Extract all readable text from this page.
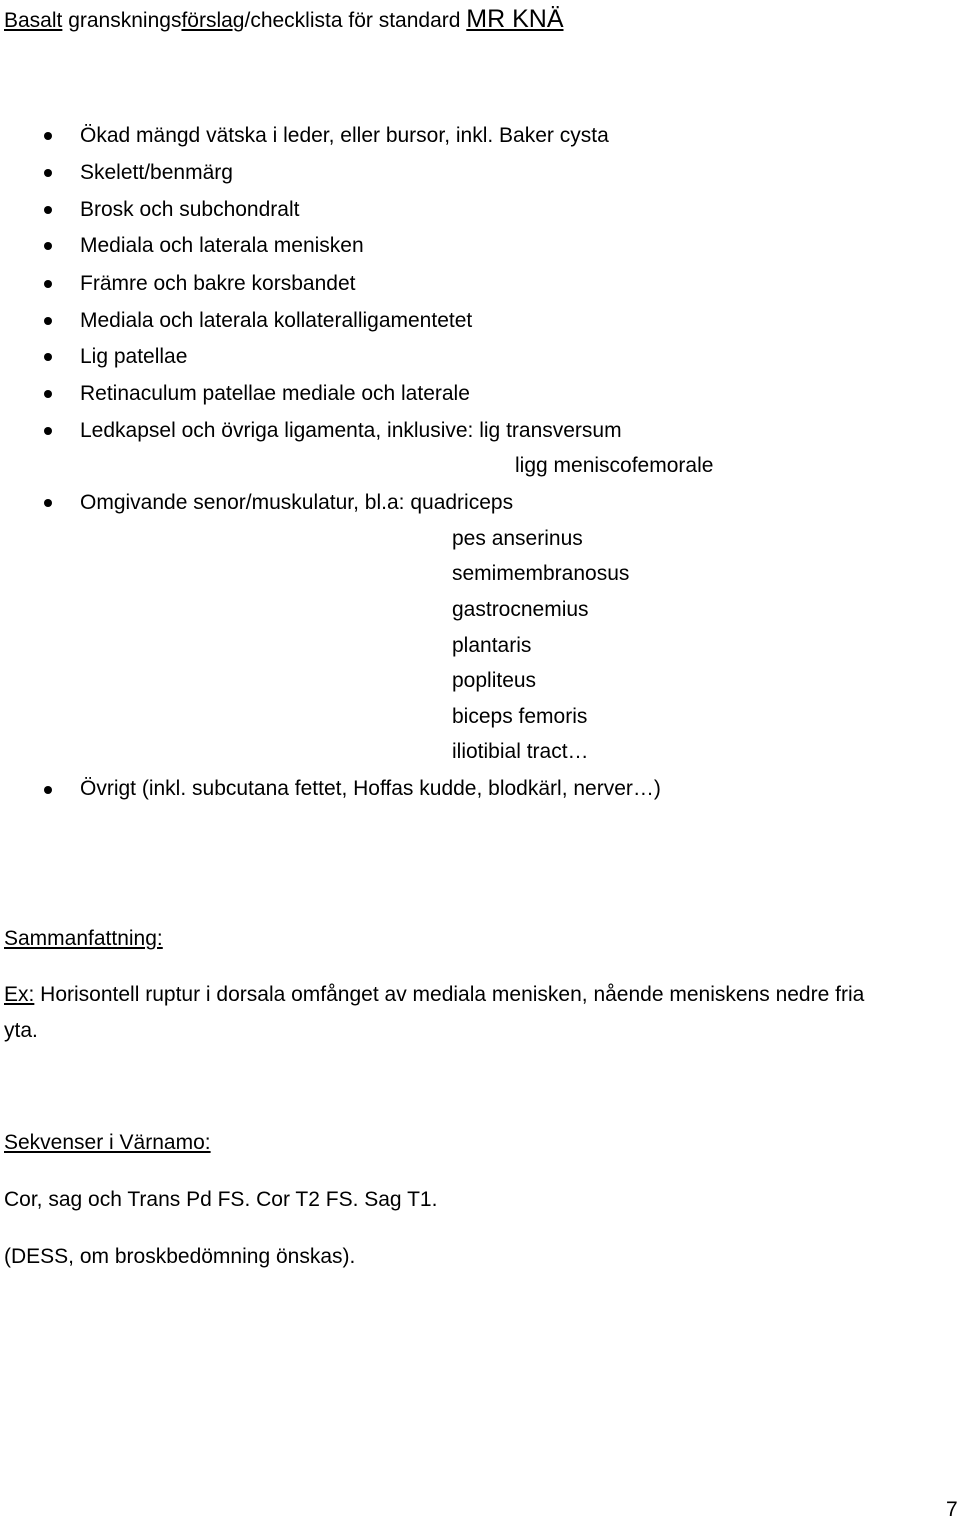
Basalt granskningsförslag/checklista för standard MR KNÄ
Ökad mängd vätska i leder, eller bursor, inkl. Baker cysta
Skelett/benmärg
Brosk och subchondralt
Mediala och laterala menisken
Främre och bakre korsbandet
Mediala och laterala kollateralligamentetet
Lig patellae
Retinaculum patellae mediale och laterale
Ledkapsel och övriga ligamenta, inklusive: lig transversum
ligg meniscofemorale
Omgivande senor/muskulatur, bl.a: quadriceps
pes anserinus
semimembranosus
gastrocnemius
plantaris
popliteus
biceps femoris
iliotibial tract…
Övrigt (inkl. subcutana fettet, Hoffas kudde, blodkärl, nerver…)
Sammanfattning:
Ex: Horisontell ruptur i dorsala omfånget av mediala menisken, nående meniskens nedre fria
yta.
Sekvenser i Värnamo:
Cor, sag och Trans Pd FS. Cor T2 FS. Sag T1.
(DESS, om broskbedömning önskas).
7
